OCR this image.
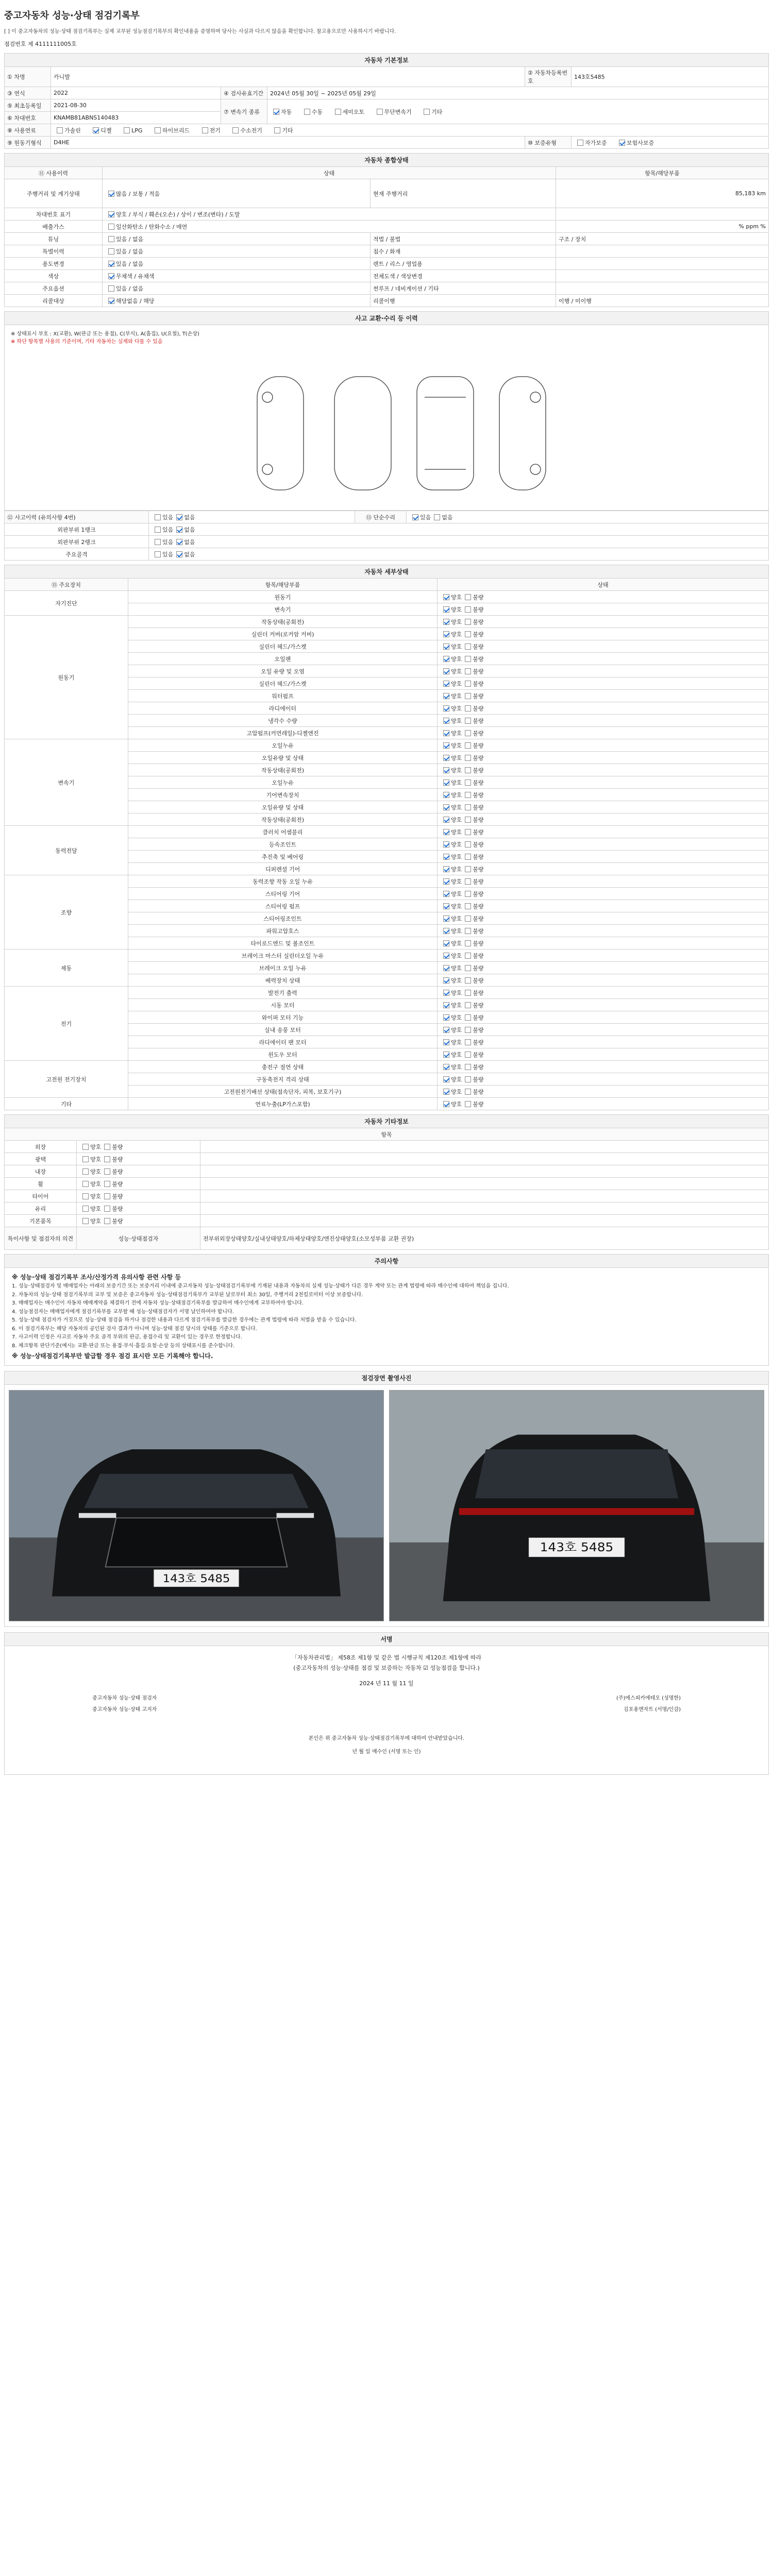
중고자동차 성능·상태 점검기록부
[ ] 이 중고자동차의 성능·상태 점검기록부는 실제 교부된 성능점검기록부의 확인내용을 증명하며 당사는 사실과 다르지 않음을 확인합니다. 참고용으로만 사용하시기 바랍니다.
점검번호 제 4111111005호
자동차 기본정보					
① 차명	카니발			② 자동차등록번호	143호5485
③ 연식	2022	④ 검사유효기간	2024년 05월 30일 ~ 2025년 05월 29일		
⑤ 최초등록일	2021-08-30	⑦ 변속기 종류	자동 수동 세미오토 무단변속기 기타		
⑥ 차대번호	KNAMB81ABNS140483				
⑧ 사용연료	가솔린 디젤 LPG 하이브리드 전기 수소전기 기타				
⑨ 원동기형식	D4HE			⑩ 보증유형	자가보증 보험사보증
자동차 종합상태			
⑪ 사용이력	상태		항목/해당부품
주행거리 및 계기상태	많음 / 보통 / 적음	현재 주행거리	85,183 km
차대번호 표기	양호 / 부식 / 훼손(오손) / 상이 / 변조(변타) / 도말		
배출가스	일산화탄소 / 탄화수소 / 매연		% ppm %
튜닝	있음 / 없음	적법 / 불법	구조 / 장치
특별이력	있음 / 없음	침수 / 화재	
용도변경	있음 / 없음	렌트 / 리스 / 영업용	
색상	무채색 / 유채색	전체도색 / 색상변경	
주요옵션	있음 / 없음	썬루프 / 네비게이션 / 기타	
리콜대상	해당없음 / 해당	리콜이행	이행 / 미이행
사고 교환·수리 등 이력
※ 상태표시 부호 : X(교환), W(판금 또는 용접), C(부식), A(흠집), U(요철), T(손상)
※ 하단 항목별 사용의 기준이며, 기타 자동차는 실제와 다를 수 있음
⑫ 사고이력 (유의사항 4번)	있음 없음	⑬ 단순수리	있음 없음
외판부위 1랭크	있음 없음		
외판부위 2랭크	있음 없음		
주요골격	있음 없음		
자동차 세부상태		
⑮ 주요장치	항목/해당부품	상태
자기진단	원동기	양호 불량
	변속기	양호 불량
원동기	작동상태(공회전)	양호 불량
	실린더 커버(로커암 커버)	양호 불량
	실린더 헤드/가스켓	양호 불량
	오일팬	양호 불량
	오일 유량 및 오염	양호 불량
	실린더 헤드/가스켓	양호 불량
	워터펌프	양호 불량
	라디에이터	양호 불량
	냉각수 수량	양호 불량
	고압펌프(커먼레일)-디젤엔진	양호 불량
변속기	오일누유	양호 불량
	오일유량 및 상태	양호 불량
	작동상태(공회전)	양호 불량
	오일누유	양호 불량
	기어변속장치	양호 불량
	오일유량 및 상태	양호 불량
	작동상태(공회전)	양호 불량
동력전달	클러치 어셈블리	양호 불량
	등속조인트	양호 불량
	추진축 및 베어링	양호 불량
	디퍼렌셜 기어	양호 불량
조향	동력조향 작동 오일 누유	양호 불량
	스티어링 기어	양호 불량
	스티어링 펌프	양호 불량
	스티어링조인트	양호 불량
	파워고압호스	양호 불량
	타이로드엔드 및 볼조인트	양호 불량
제동	브레이크 마스터 실린더오일 누유	양호 불량
	브레이크 오일 누유	양호 불량
	배력장치 상태	양호 불량
전기	발전기 출력	양호 불량
	시동 모터	양호 불량
	와이퍼 모터 기능	양호 불량
	실내 송풍 모터	양호 불량
	라디에이터 팬 모터	양호 불량
	윈도우 모터	양호 불량
고전원 전기장치	충전구 절연 상태	양호 불량
	구동축전지 격리 상태	양호 불량
	고전원전기배선 상태(접속단자, 피복, 보호기구)	양호 불량
기타	연료누출(LP가스포함)	양호 불량
자동차 기타정보		
항목		
외장	양호 불량	
광택	양호 불량	
내장	양호 불량	
휠	양호 불량	
타이어	양호 불량	
유리	양호 불량	
기본품목	양호 불량	
특이사항 및 점검자의 의견	성능·상태점검자	전부위외장상태양호/실내상태양호/하체상태양호/엔진상태양호(소모성부품 교환 권장)
주의사항

※ 성능·상태 점검기록부 조사/산정가격 유의사항 관련 사항 등

1. 성능·상태점검자 및 매매업자는 아래의 보증기간 또는 보증거리 이내에 중고자동차 성능·상태점검기록부에 기재된 내용과 자동차의 실제 성능·상태가 다른 경우 계약 또는 관계 법령에 따라 매수인에 대하여 책임을 집니다.

2. 자동차의 성능·상태 점검기록부의 교부 및 보증은 중고자동차 성능·상태점검기록부가 교부된 날로부터 최소 30일, 주행거리 2천킬로미터 이상 보증합니다.

3. 매매업자는 매수인이 자동차 매매계약을 체결하기 전에 자동차 성능·상태점검기록부를 발급하여 매수인에게 교부하여야 합니다.

4. 성능점검자는 매매업자에게 점검기록부를 교부할 때 성능·상태점검자가 서명 날인하여야 합니다.

5. 성능·상태 점검자가 거짓으로 성능·상태 점검을 하거나 점검한 내용과 다르게 점검기록부를 발급한 경우에는 관계 법령에 따라 처벌을 받을 수 있습니다.

6. 이 점검기록부는 해당 자동차의 공인된 검사 결과가 아니며 성능·상태 점검 당시의 상태를 기준으로 합니다.

7. 사고이력 인정은 사고로 자동차 주요 골격 부위의 판금, 용접수리 및 교환이 있는 경우로 한정합니다.

8. 체크항목 판단기준(예시): 교환·판금 또는 용접·부식·흠집·요철·손상 등의 상태표시를 준수합니다.

※ 성능·상태점검기록부만 발급할 경우 점검 표시란 모든 기록해야 합니다.

점검장면 촬영사진
143호 5485
143호 5485
서명
「자동차관리법」 제58조 제1항 및 같은 법 시행규칙 제120조 제1항에 따라
(중고자동차의 성능·상태를 점검 및 보증하는 자동차 ☑ 성능점검을 합니다.)
2024 년 11 월 11 일
중고자동차 성능·상태 점검자	(주)에스피카에테오 (성명한)
중고자동차 성능·상태 고지자	김포용앤자트 (서명/인감)
본인은 위 중고자동차 성능·상태점검기록부에 대하여 안내받았습니다.
년 월 일 매수인 (서명 또는 인)
